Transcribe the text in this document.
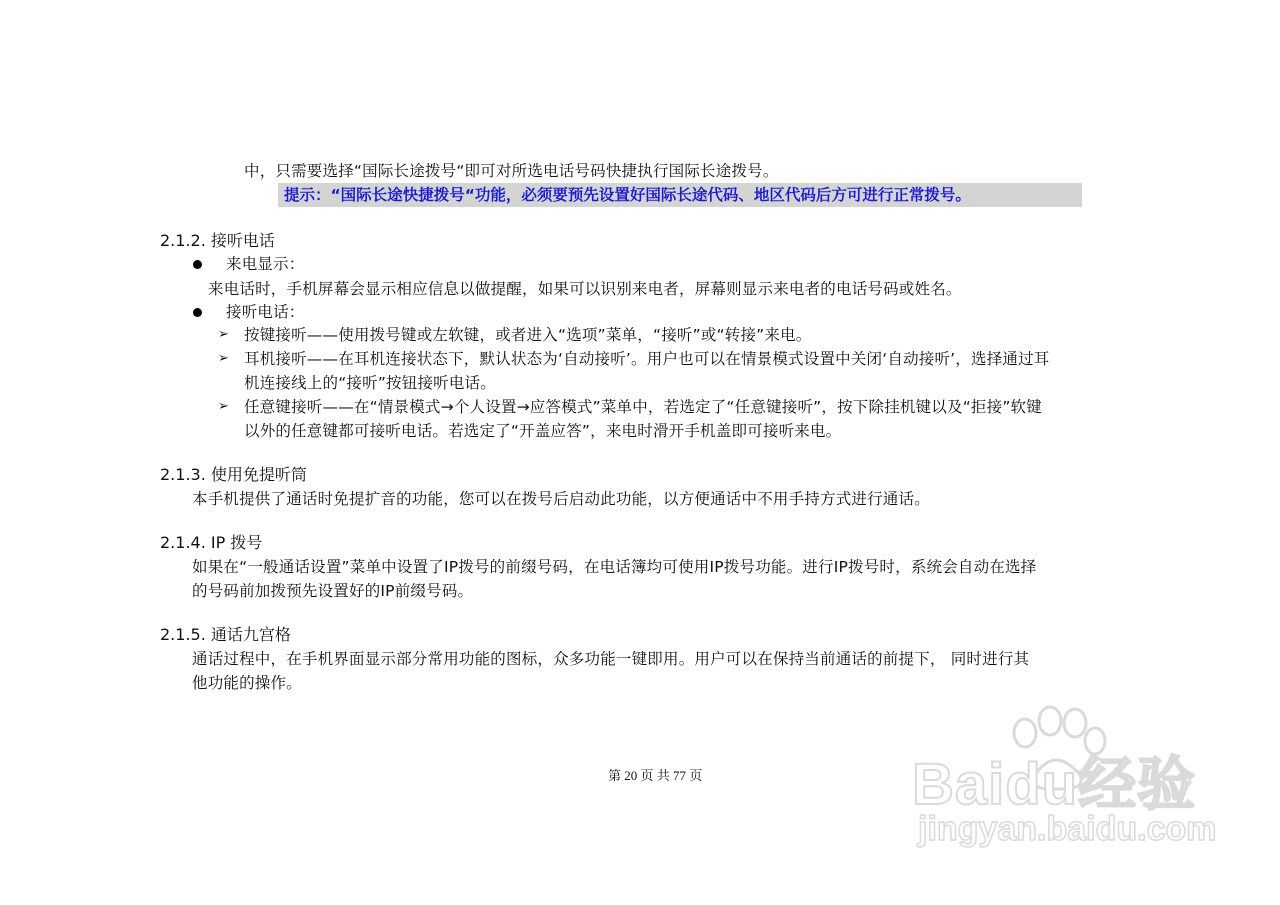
中，只需要选择“国际长途拨号“即可对所选电话号码快捷执行国际长途拨号。
提示：“国际长途快捷拨号“功能，必须要预先设置好国际长途代码、地区代码后方可进行正常拨号。
2.1.2. 接听电话
来电显示：
来电话时，手机屏幕会显示相应信息以做提醒，如果可以识别来电者，屏幕则显示来电者的电话号码或姓名。
接听电话：
➢ 按键接听——使用拨号键或左软键，或者进入“选项”菜单，“接听”或“转接”来电。
➢ 耳机接听——在耳机连接状态下，默认状态为‘自动接听’。用户也可以在情景模式设置中关闭‘自动接听’，选择通过耳
机连接线上的“接听”按钮接听电话。
➢ 任意键接听——在“情景模式→个人设置→应答模式”菜单中，若选定了“任意键接听”，按下除挂机键以及“拒接”软键
以外的任意键都可接听电话。若选定了“开盖应答”，来电时滑开手机盖即可接听来电。
2.1.3. 使用免提听筒
本手机提供了通话时免提扩音的功能，您可以在拨号后启动此功能，以方便通话中不用手持方式进行通话。
2.1.4. IP 拨号
如果在“一般通话设置”菜单中设置了IP拨号的前缀号码，在电话簿均可使用IP拨号功能。进行IP拨号时，系统会自动在选择
的号码前加拨预先设置好的IP前缀号码。
2.1.5. 通话九宫格
通话过程中，在手机界面显示部分常用功能的图标，众多功能一键即用。用户可以在保持当前通话的前提下， 同时进行其
他功能的操作。
第 20 页 共 77 页	Baidu经验
jingyan.baidu.com
